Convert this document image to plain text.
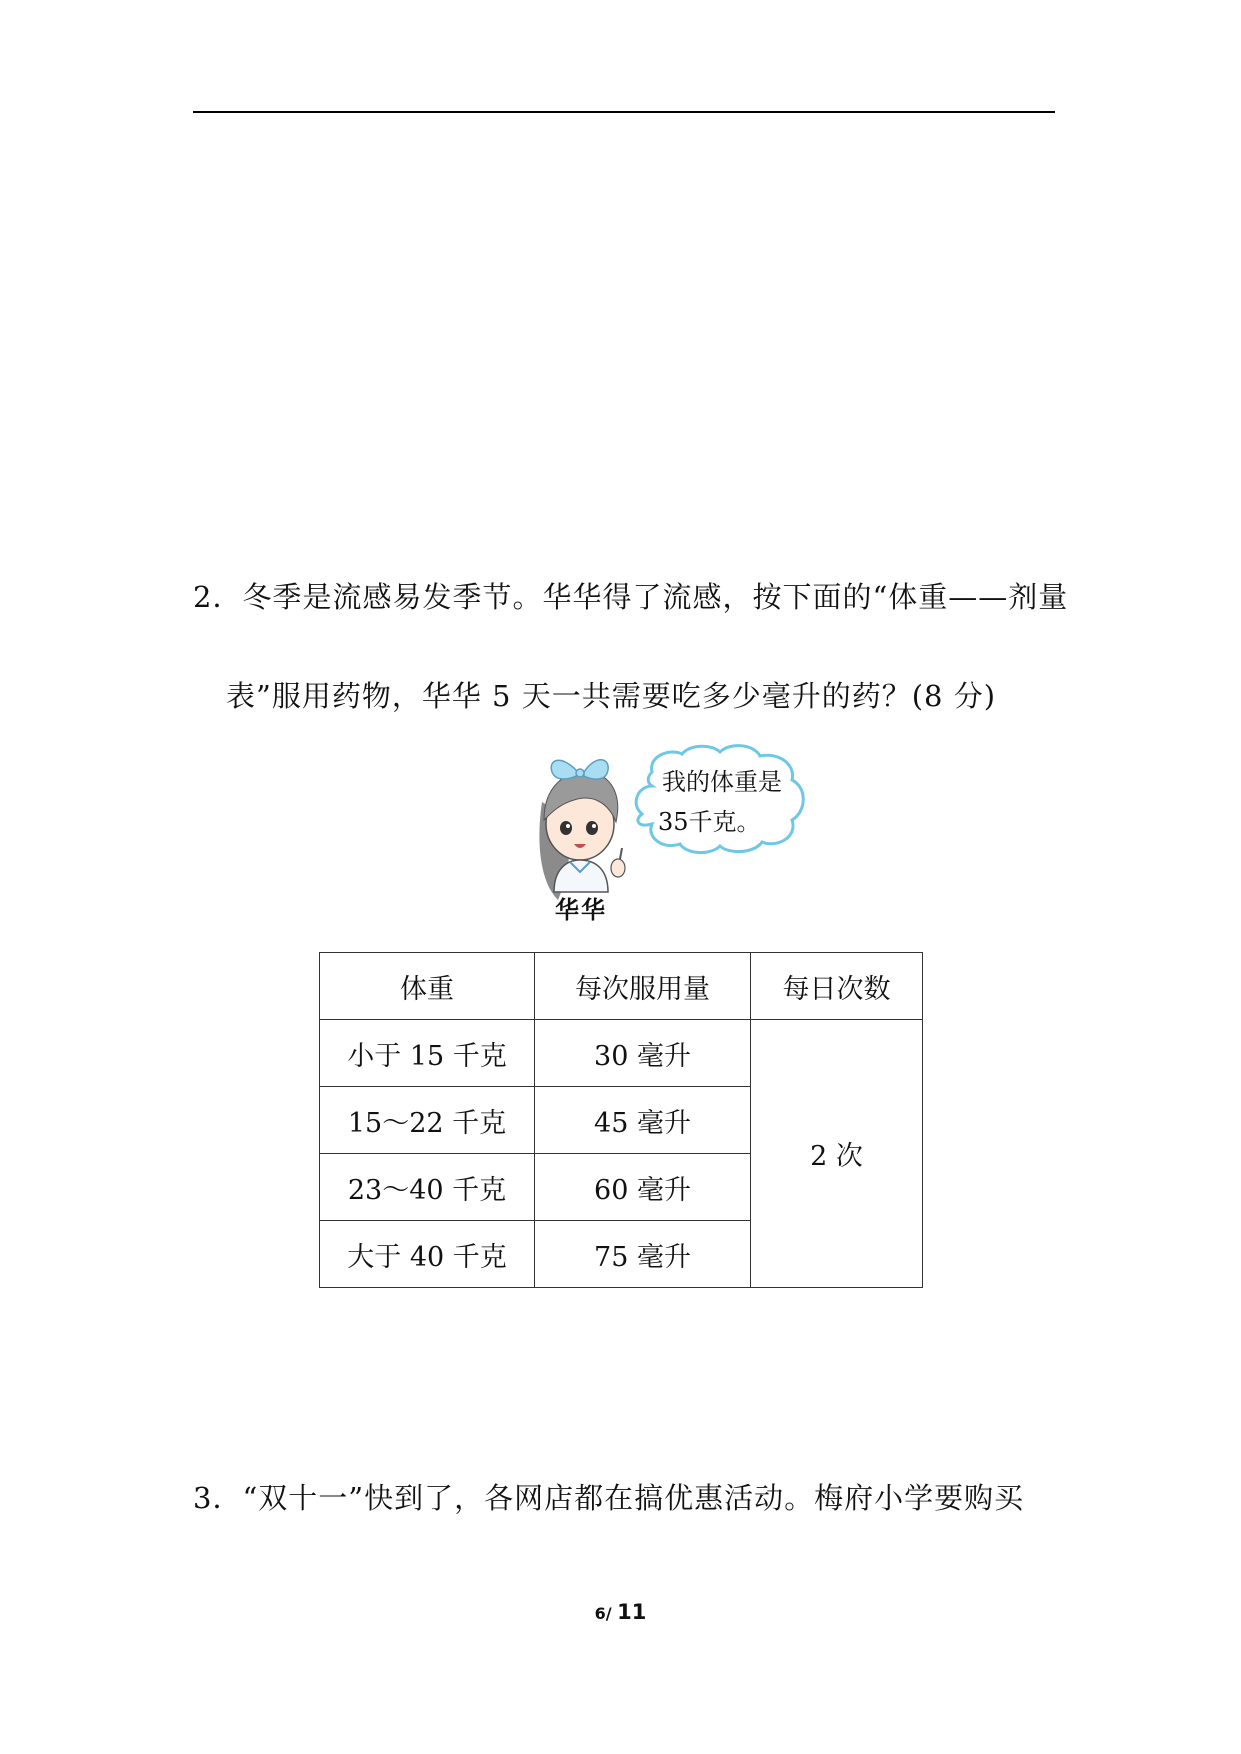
2．冬季是流感易发季节。华华得了流感，按下面的“体重——剂量
表”服用药物，华华 5 天一共需要吃多少毫升的药？(8 分)
我的体重是
35千克。
华华
体重	每次服用量	每日次数
小于 15 千克	30 毫升	2 次
15～22 千克	45 毫升	
23～40 千克	60 毫升	
大于 40 千克	75 毫升	
3．“双十一”快到了，各网店都在搞优惠活动。梅府小学要购买
6/ 11
